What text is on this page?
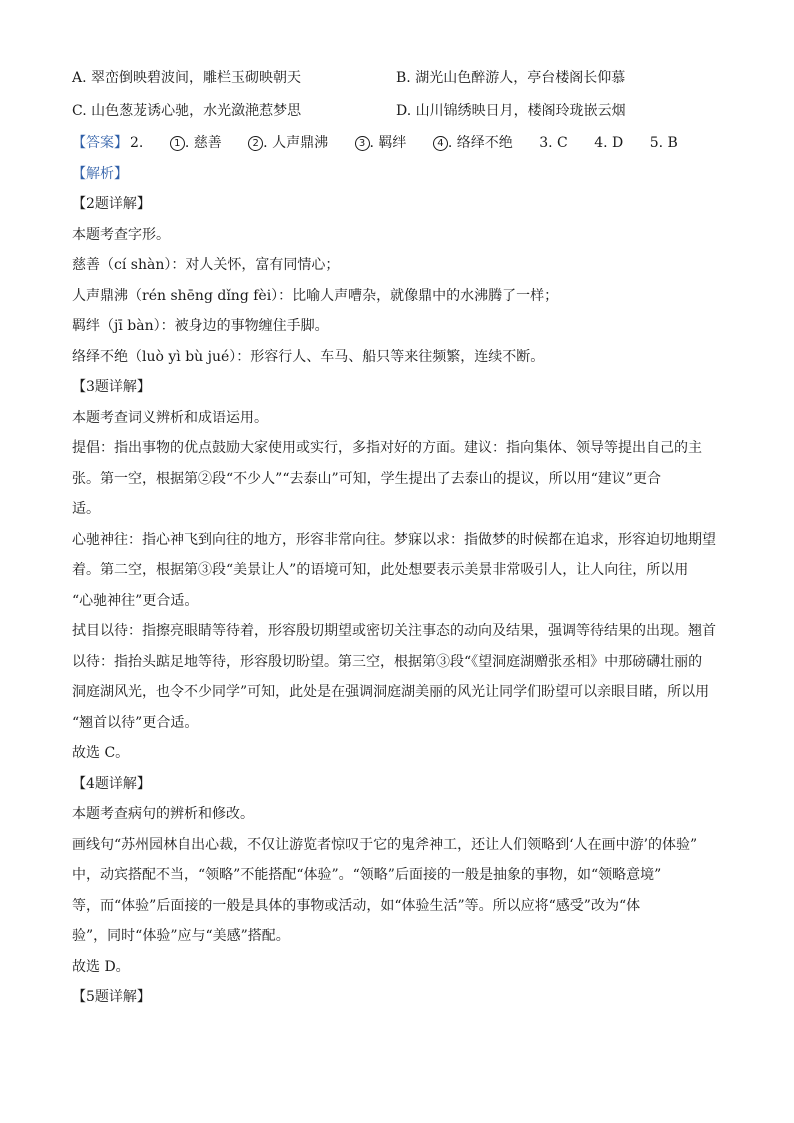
A. 翠峦倒映碧波间，雕栏玉砌映朝天	B. 湖光山色醉游人，亭台楼阁长仰慕
C. 山色葱茏诱心驰，水光潋滟惹梦思	D. 山川锦绣映日月，楼阁玲珑嵌云烟
【答案】 2.	1 . 慈善	2 . 人声鼎沸	3 . 羁绊	4 . 络绎不绝 3. C 4. D 5. B
【解析】
【2题详解】
本题考查字形。
慈善（cí shàn）：对人关怀，富有同情心；
人声鼎沸（rén shēng dǐng fèi）：比喻人声嘈杂，就像鼎中的水沸腾了一样；
羁绊（jī bàn）：被身边的事物缠住手脚。
络绎不绝（luò yì bù jué）：形容行人、车马、船只等来往频繁，连续不断。
【3题详解】
本题考查词义辨析和成语运用。
提倡：指出事物的优点鼓励大家使用或实行，多指对好的方面。建议：指向集体、领导等提出自己的主
张。第一空，根据第②段“不少人”“去泰山”可知，学生提出了去泰山的提议，所以用“建议”更合
适。
心驰神往：指心神飞到向往的地方，形容非常向往。梦寐以求：指做梦的时候都在追求，形容迫切地期望
着。第二空，根据第③段“美景让人”的语境可知，此处想要表示美景非常吸引人，让人向往，所以用
“心驰神往”更合适。
拭目以待：指擦亮眼睛等待着，形容殷切期望或密切关注事态的动向及结果，强调等待结果的出现。翘首
以待：指抬头踮足地等待，形容殷切盼望。第三空，根据第③段“《望洞庭湖赠张丞相》中那磅礴壮丽的
洞庭湖风光，也令不少同学”可知，此处是在强调洞庭湖美丽的风光让同学们盼望可以亲眼目睹，所以用
“翘首以待”更合适。
故选 C。
【4题详解】
本题考查病句的辨析和修改。
画线句“苏州园林自出心裁，不仅让游览者惊叹于它的鬼斧神工，还让人们领略到‘人在画中游’的体验”
中，动宾搭配不当，“领略”不能搭配“体验”。“领略”后面接的一般是抽象的事物，如“领略意境”
等，而“体验”后面接的一般是具体的事物或活动，如“体验生活”等。所以应将“感受”改为“体
验”，同时“体验”应与“美感”搭配。
故选 D。
【5题详解】
